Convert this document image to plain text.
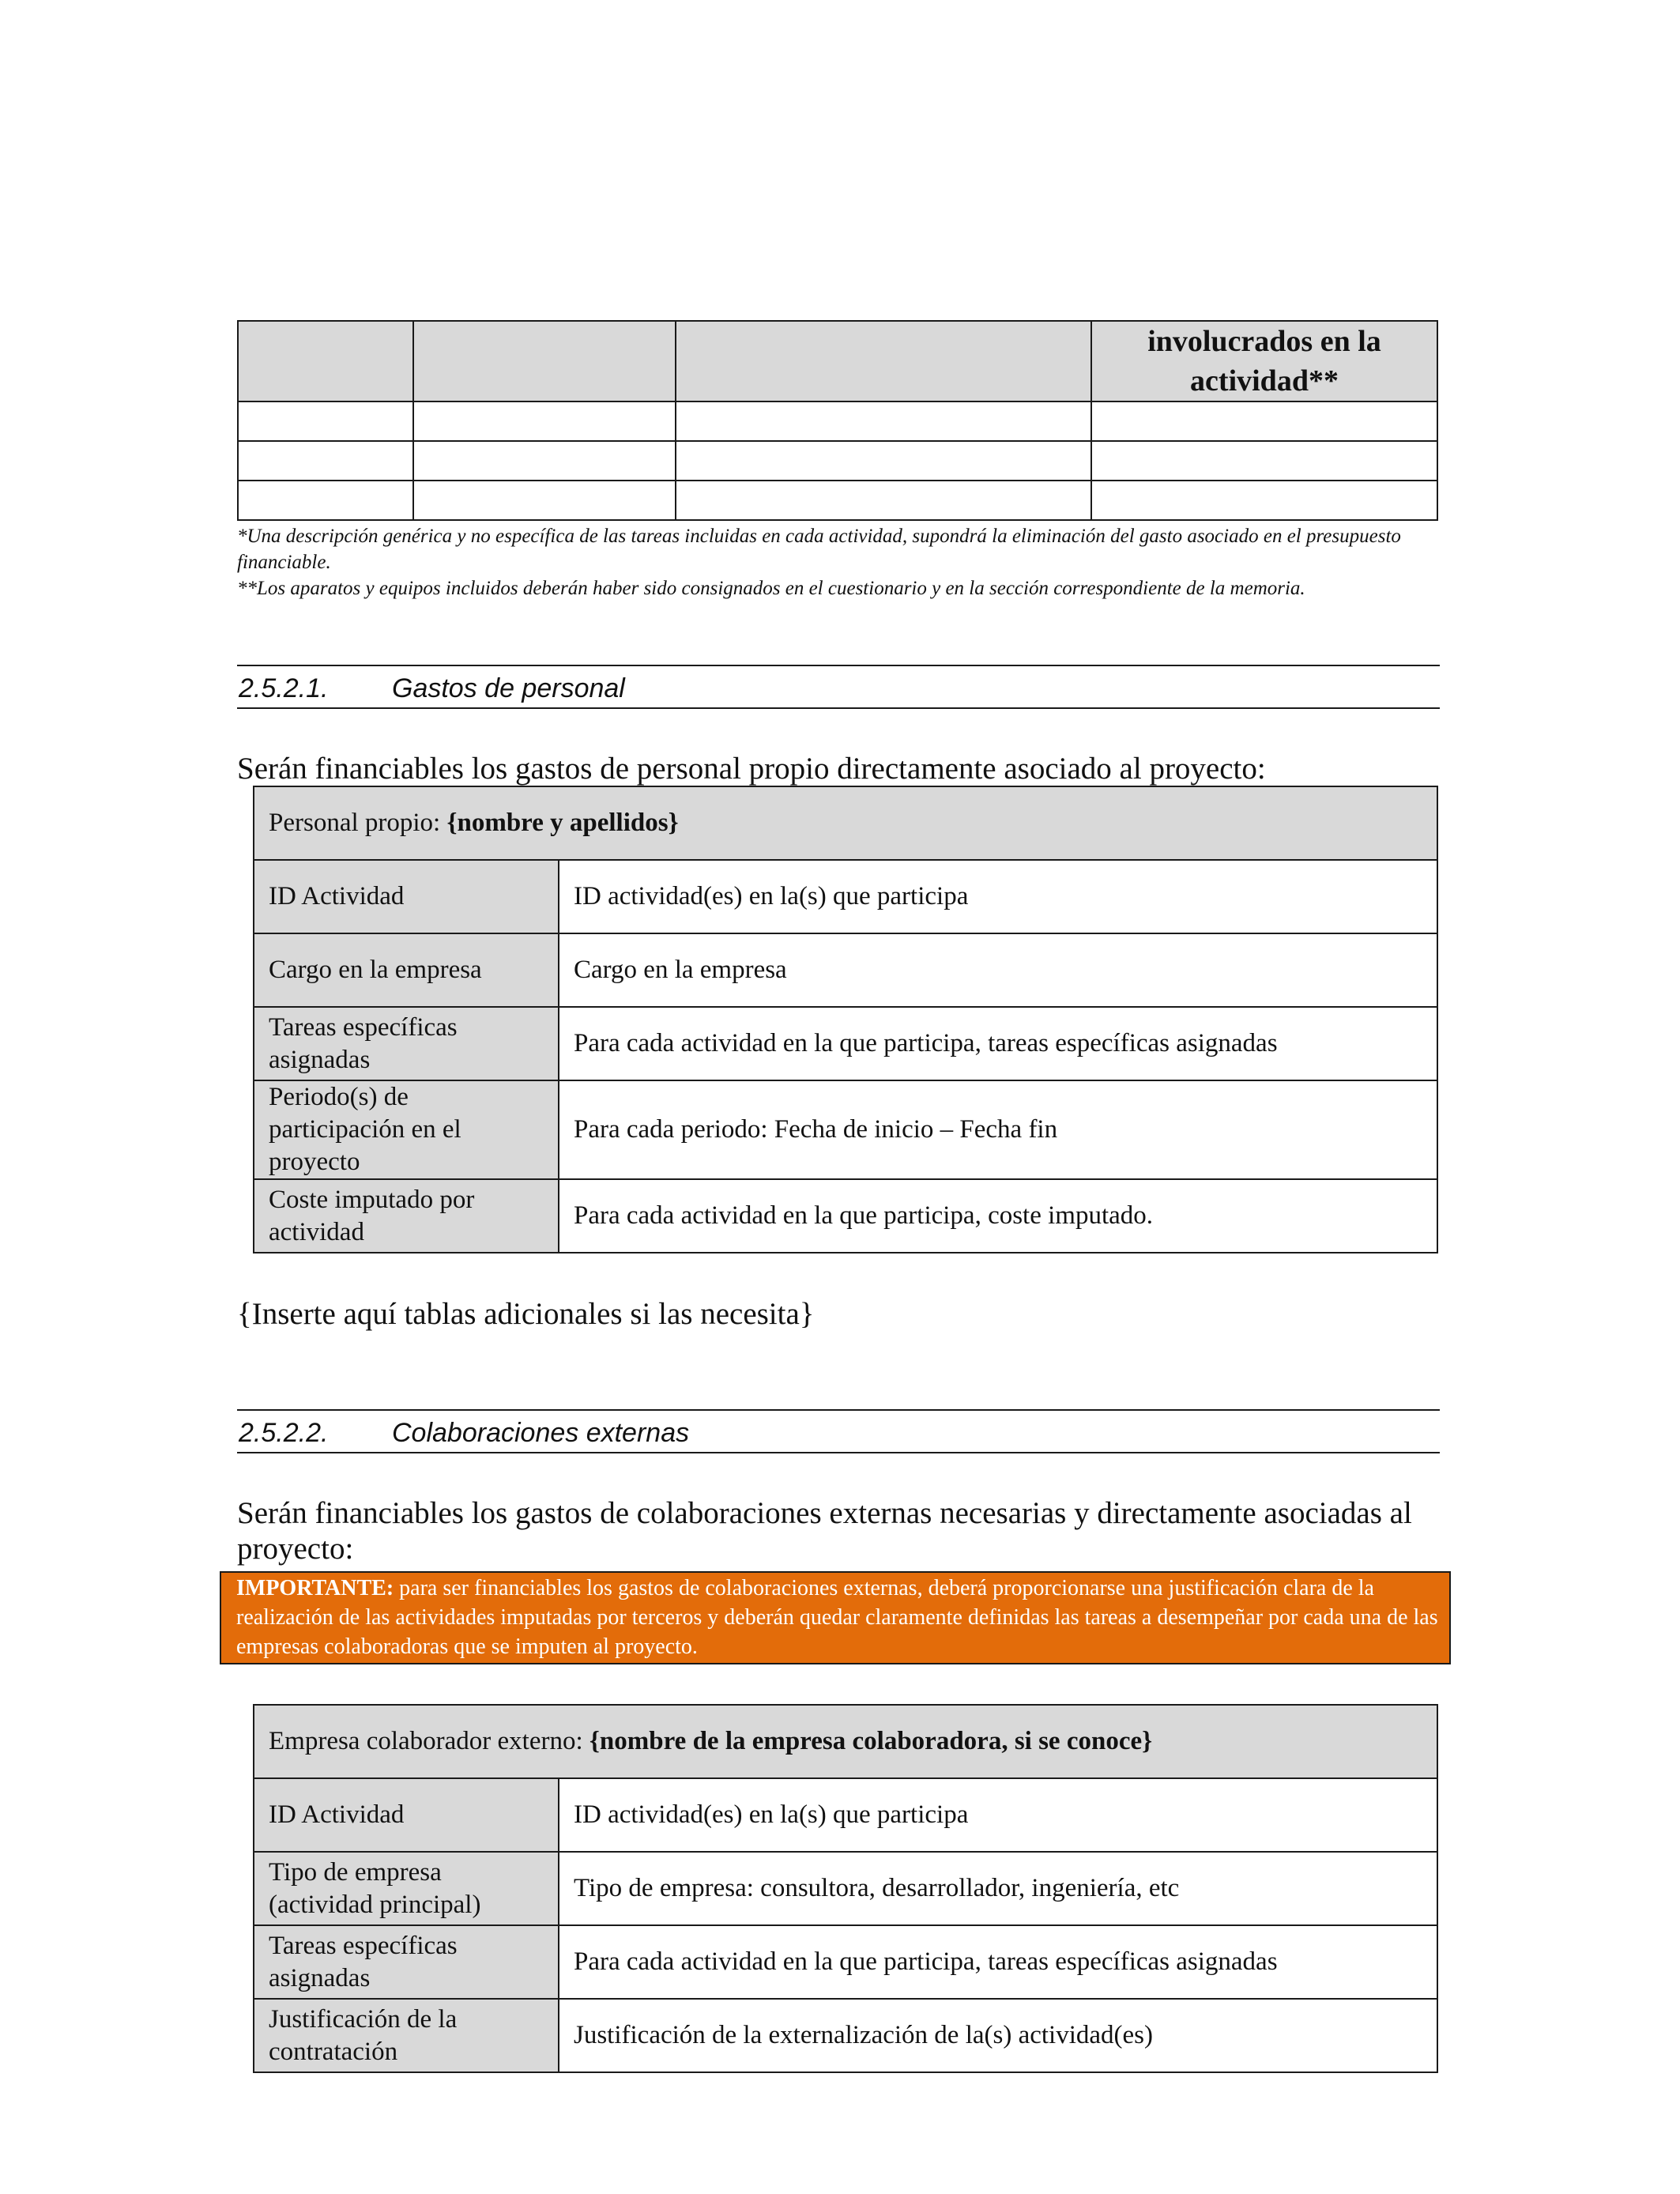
			involucrados en la actividad**

*Una descripción genérica y no específica de las tareas incluidas en cada actividad, supondrá la eliminación del gasto asociado en el presupuesto financiable.
**Los aparatos y equipos incluidos deberán haber sido consignados en el cuestionario y en la sección correspondiente de la memoria.
2.5.2.1. Gastos de personal
Serán financiables los gastos de personal propio directamente asociado al proyecto:
Personal propio: {nombre y apellidos}	
ID Actividad	ID actividad(es) en la(s) que participa
Cargo en la empresa	Cargo en la empresa
Tareas específicas asignadas	Para cada actividad en la que participa, tareas específicas asignadas
Periodo(s) de participación en el proyecto	Para cada periodo: Fecha de inicio – Fecha fin
Coste imputado por actividad	Para cada actividad en la que participa, coste imputado.
{Inserte aquí tablas adicionales si las necesita}
2.5.2.2. Colaboraciones externas
Serán financiables los gastos de colaboraciones externas necesarias y directamente asociadas al proyecto:
IMPORTANTE: para ser financiables los gastos de colaboraciones externas, deberá proporcionarse una justificación clara de la realización de las actividades imputadas por terceros y deberán quedar claramente definidas las tareas a desempeñar por cada una de las empresas colaboradoras que se imputen al proyecto.
Empresa colaborador externo: {nombre de la empresa colaboradora, si se conoce}	
ID Actividad	ID actividad(es) en la(s) que participa
Tipo de empresa (actividad principal)	Tipo de empresa: consultora, desarrollador, ingeniería, etc
Tareas específicas asignadas	Para cada actividad en la que participa, tareas específicas asignadas
Justificación de la contratación	Justificación de la externalización de la(s) actividad(es)
